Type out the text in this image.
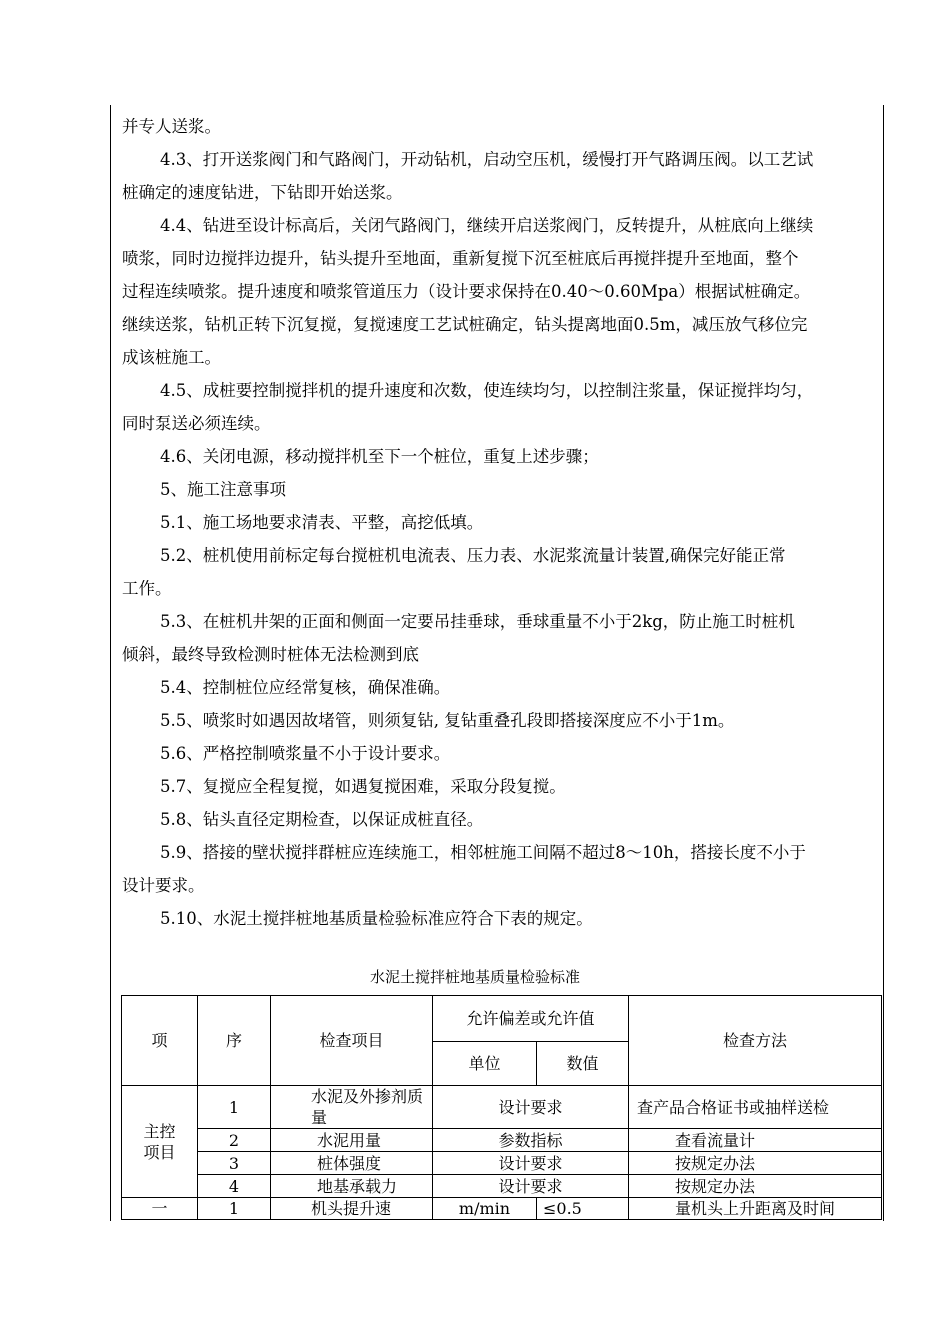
并专人送浆。
4.3、打开送浆阀门和气路阀门，开动钻机，启动空压机，缓慢打开气路调压阀。以工艺试
桩确定的速度钻进，下钻即开始送浆。
4.4、钻进至设计标高后，关闭气路阀门，继续开启送浆阀门，反转提升，从桩底向上继续
喷浆，同时边搅拌边提升，钻头提升至地面，重新复搅下沉至桩底后再搅拌提升至地面，整个
过程连续喷浆。提升速度和喷浆管道压力（设计要求保持在0.40～0.60Mpa）根据试桩确定。
继续送浆，钻机正转下沉复搅，复搅速度工艺试桩确定，钻头提离地面0.5m，减压放气移位完
成该桩施工。
4.5、成桩要控制搅拌机的提升速度和次数，使连续均匀，以控制注浆量，保证搅拌均匀，
同时泵送必须连续。
4.6、关闭电源，移动搅拌机至下一个桩位，重复上述步骤；
5、施工注意事项
5.1、施工场地要求清表、平整，高挖低填。
5.2、桩机使用前标定每台搅桩机电流表、压力表、水泥浆流量计装置,确保完好能正常
工作。
5.3、在桩机井架的正面和侧面一定要吊挂垂球，垂球重量不小于2kg，防止施工时桩机
倾斜，最终导致检测时桩体无法检测到底
5.4、控制桩位应经常复核，确保准确。
5.5、喷浆时如遇因故堵管，则须复钻, 复钻重叠孔段即搭接深度应不小于1m。
5.6、严格控制喷浆量不小于设计要求。
5.7、复搅应全程复搅，如遇复搅困难，采取分段复搅。
5.8、钻头直径定期检查，以保证成桩直径。
5.9、搭接的壁状搅拌群桩应连续施工，相邻桩施工间隔不超过8～10h，搭接长度不小于
设计要求。
5.10、水泥土搅拌桩地基质量检验标准应符合下表的规定。
水泥土搅拌桩地基质量检验标准
项	序	检查项目	允许偏差或允许值		检查方法
			单位	数值	
主控项目	1	水泥及外掺剂质量	设计要求		查产品合格证书或抽样送检
	2	水泥用量	参数指标		查看流量计
	3	桩体强度	设计要求		按规定办法
	4	地基承载力	设计要求		按规定办法
一	1	机头提升速	m/min	≤0.5	量机头上升距离及时间
